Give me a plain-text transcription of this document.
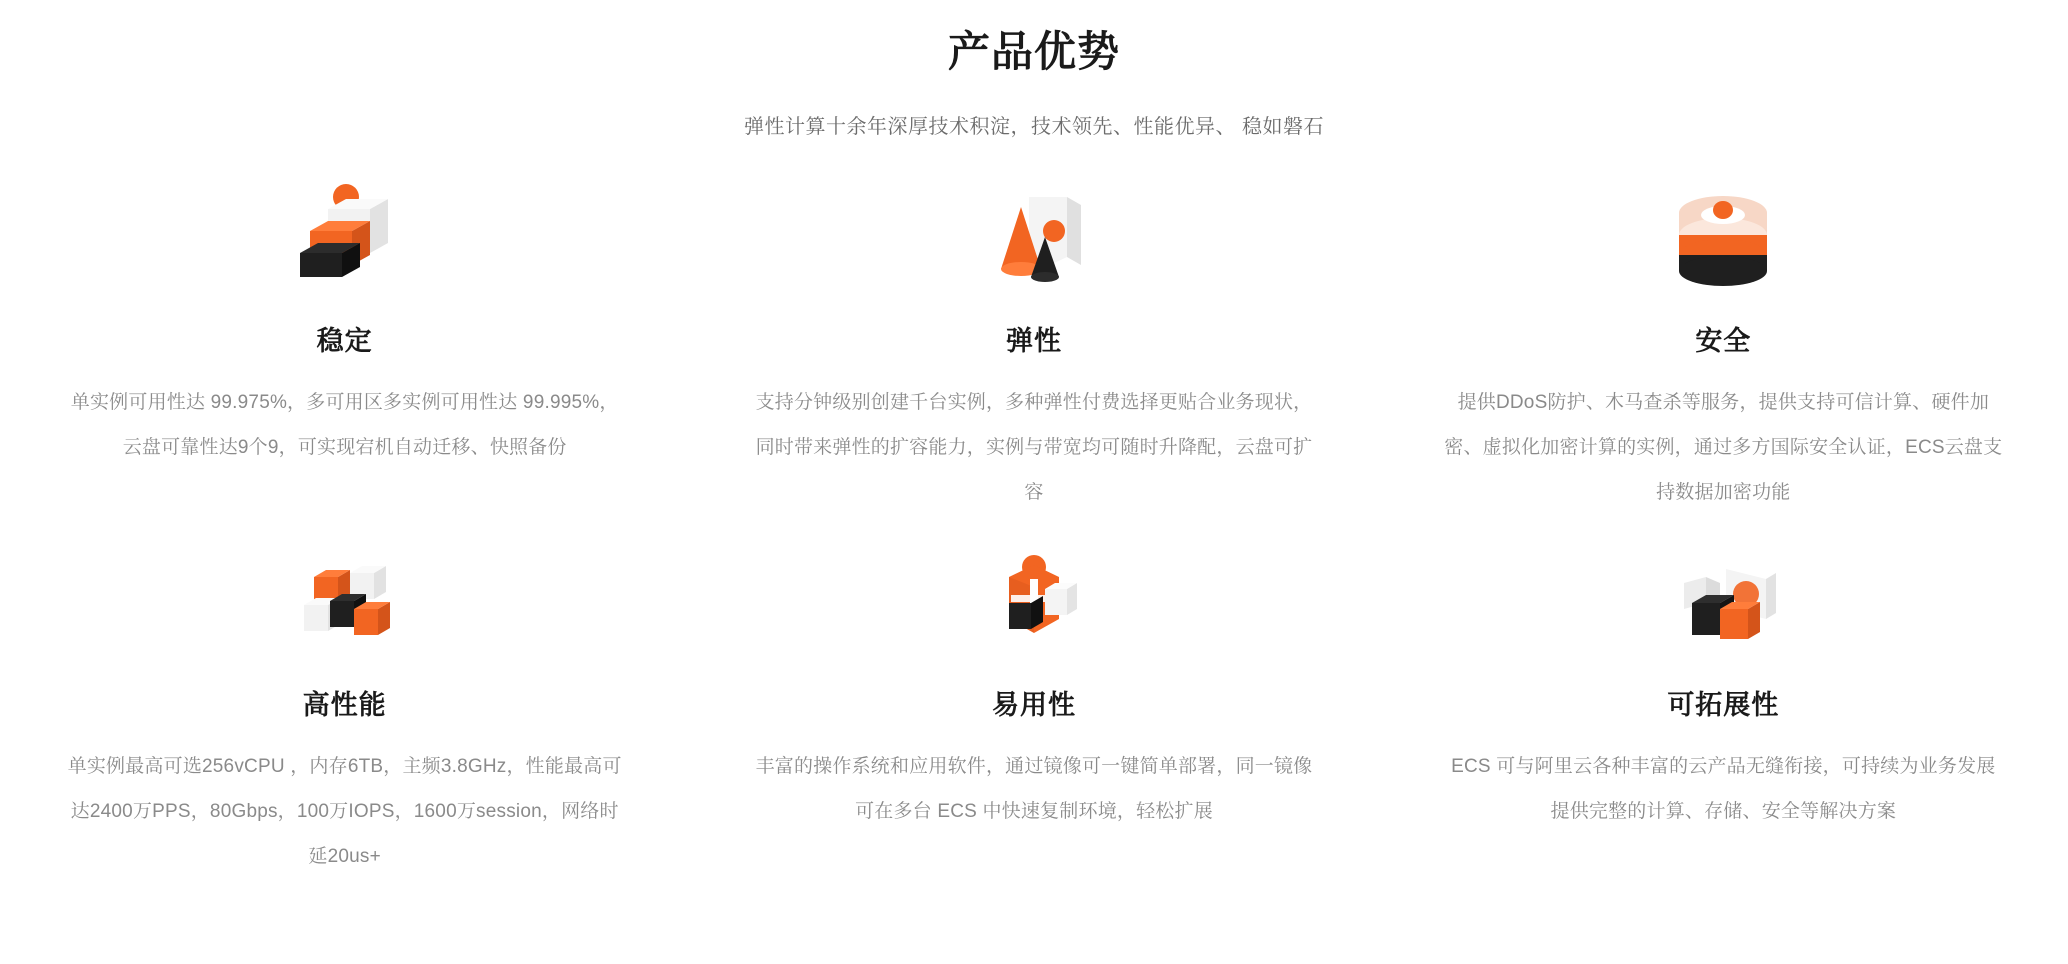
产品优势

弹性计算十余年深厚技术积淀，技术领先、性能优异、 稳如磐石

稳定
单实例可用性达 99.975%，多可用区多实例可用性达 99.995%，云盘可靠性达9个9，可实现宕机自动迁移、快照备份
弹性
支持分钟级别创建千台实例，多种弹性付费选择更贴合业务现状，同时带来弹性的扩容能力，实例与带宽均可随时升降配，云盘可扩容
安全
提供DDoS防护、木马查杀等服务，提供支持可信计算、硬件加密、虚拟化加密计算的实例，通过多方国际安全认证，ECS云盘支持数据加密功能
高性能
单实例最高可选256vCPU ，内存6TB，主频3.8GHz，性能最高可达2400万PPS，80Gbps，100万IOPS，1600万session，网络时延20us+
易用性
丰富的操作系统和应用软件，通过镜像可一键简单部署，同一镜像可在多台 ECS 中快速复制环境，轻松扩展
可拓展性
ECS 可与阿里云各种丰富的云产品无缝衔接，可持续为业务发展提供完整的计算、存储、安全等解决方案
